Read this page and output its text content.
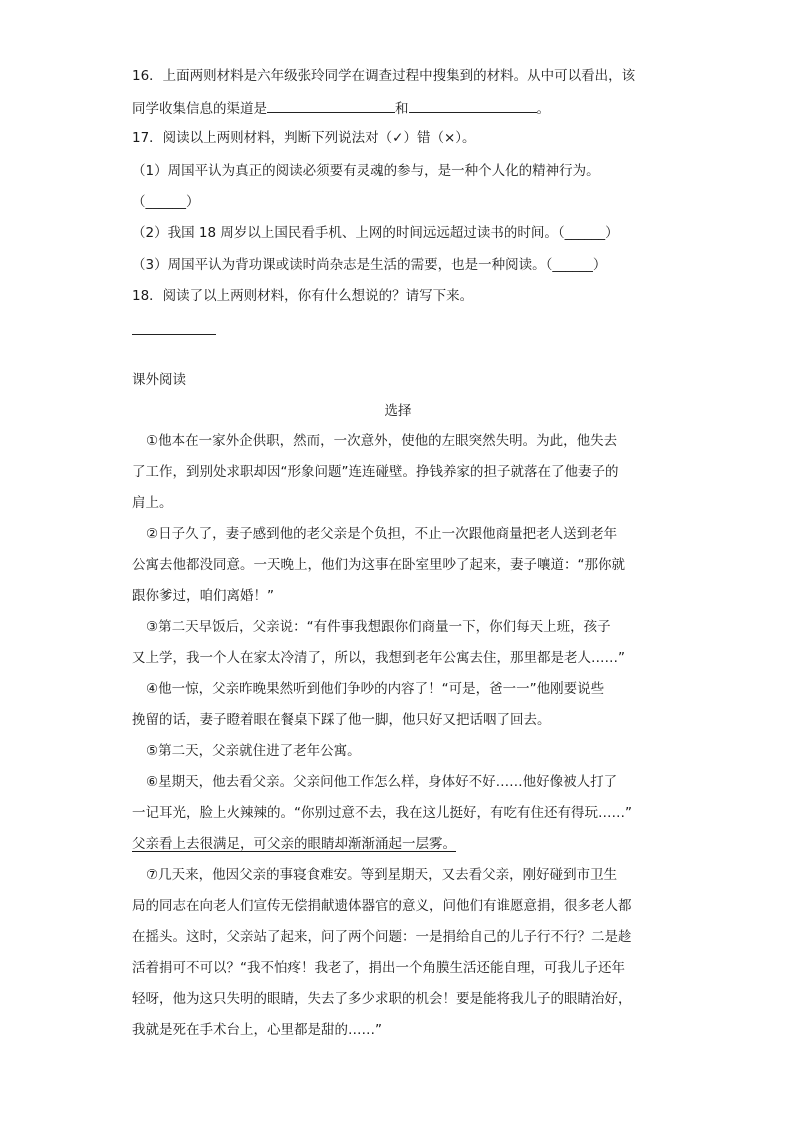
16．上面两则材料是六年级张玲同学在调查过程中搜集到的材料。从中可以看出，该
同学收集信息的渠道是	和	。
17．阅读以上两则材料，判断下列说法对（✓）错（×）。
（1）周国平认为真正的阅读必须要有灵魂的参与，是一种个人化的精神行为。
（______）
（2）我国 18 周岁以上国民看手机、上网的时间远远超过读书的时间。（______）
（3）周国平认为背功课或读时尚杂志是生活的需要，也是一种阅读。（______）
18．阅读了以上两则材料，你有什么想说的？请写下来。
课外阅读
选择
①他本在一家外企供职，然而，一次意外，使他的左眼突然失明。为此，他失去
了工作，到别处求职却因“形象问题”连连碰壁。挣钱养家的担子就落在了他妻子的
肩上。
②日子久了，妻子感到他的老父亲是个负担，不止一次跟他商量把老人送到老年
公寓去他都没同意。一天晚上，他们为这事在卧室里吵了起来，妻子嚷道：“那你就
跟你爹过，咱们离婚！”
③第二天早饭后，父亲说：“有件事我想跟你们商量一下，你们每天上班，孩子
又上学，我一个人在家太冷清了，所以，我想到老年公寓去住，那里都是老人……”
④他一惊，父亲昨晚果然听到他们争吵的内容了！“可是，爸一一”他刚要说些
挽留的话，妻子瞪着眼在餐桌下踩了他一脚，他只好又把话咽了回去。
⑤第二天，父亲就住进了老年公寓。
⑥星期天，他去看父亲。父亲问他工作怎么样，身体好不好……他好像被人打了
一记耳光，脸上火辣辣的。“你别过意不去，我在这儿挺好，有吃有住还有得玩……”
父亲看上去很满足，可父亲的眼睛却渐渐涌起一层雾。
⑦几天来，他因父亲的事寝食难安。等到星期天，又去看父亲，刚好碰到市卫生
局的同志在向老人们宣传无偿捐献遗体器官的意义，问他们有谁愿意捐，很多老人都
在摇头。这时，父亲站了起来，问了两个问题：一是捐给自己的儿子行不行？二是趁
活着捐可不可以？“我不怕疼！我老了，捐出一个角膜生活还能自理，可我儿子还年
轻呀，他为这只失明的眼睛，失去了多少求职的机会！要是能将我儿子的眼睛治好，
我就是死在手术台上，心里都是甜的……”
